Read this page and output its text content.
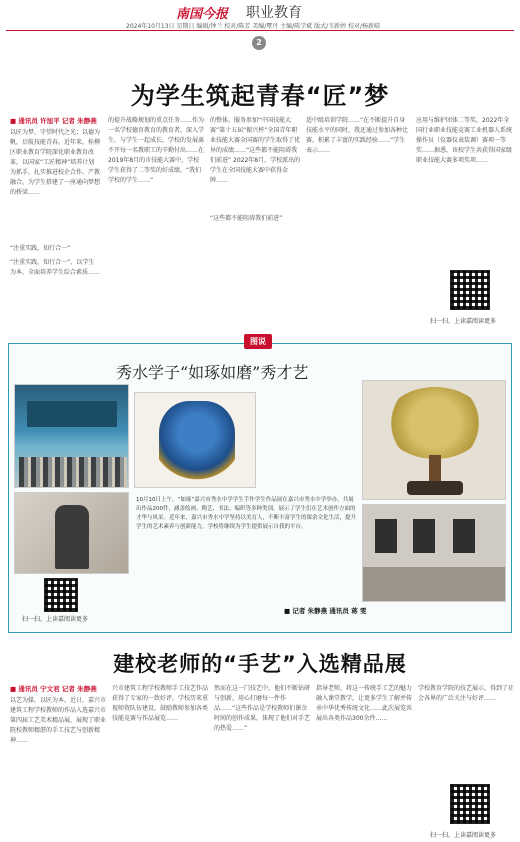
南国今报 职业教育
2024年10月13日 星期日 编辑/钟兰 校对/陈芳 美编/覃丹 主编/陈学斌 版式/韦新婷 校对/杨新晴
2
为学生筑起青春“匠”梦
■ 通讯员 许旭平 记者 朱静燕
以匠为梦，守望时代之光；以德为帆，启航技能青春。近年来，桂柳区职业教育学院深化职业教育改革，以国家“工匠精神”培养计划为抓手，扎实推进校企合作、产教融合，为学生搭建了一座通向梦想的桥梁……
“注重实践，知行合一”
“注重实践，知行合一”，以学生为本，全面培养学生综合素质……
的提升战略规划的重点任务……作为一名学校德育教育的教育者，深入学生，与学生一起成长，学校的发展离不开每一名教职工的辛勤付出……在2019年8月的市技能大赛中，学校学生获得了二等奖的好成绩。“我们学校的学生……”
的整体，服务参加“中国技能大赛”第十五届“振兴杯”全国青年职业技能大赛全国赛的学生取得了优异的成绩……“这些都不能阻碍我们前进” 2022年8月，学校派出的学生在全国技能大赛中获得金牌……
“这些都不能阻碍我们前进”
适中级培训学院……“在不断提升自身技能水平的同时，我还通过参加各种比赛，积累了丰富的实践经验……”学生表示……
应用与维护团体二等奖，2022年全国行业职业技能竞赛工业机器人系统操作员（仪器仪表装调）赛项一等奖……据悉，该校学生共获得国家级职业技能大赛多项奖项……
扫一扫，上读嘉阅读更多
图说
秀水学子“如琢如磨”秀才艺
10月10日上午，“如琢”嘉兴市秀水中学学生手作学生作品展在嘉兴市秀水中学举办。共展出作品200件，涵盖绘画、陶艺、书法、编织等多种类别，展示了学生们在艺术创作方面的才华与风采。近年来，嘉兴市秀水中学坚持以美育人，不断丰富学生的课余文化生活，提升学生的艺术素养与创新能力，学校将继续为学生提供展示自我的平台。
扫一扫，上读嘉阅读更多
■ 记者 朱静燕 通讯员 蒋 雯
建校老师的“手艺”入选精品展
■ 通讯员 宁文君 记者 朱静燕
以艺为媒，以匠为本。近日，嘉兴市建筑工程学校教师的作品入选嘉兴市第四届工艺美术精品展，展现了职业院校教师精湛的手工技艺与创新精神……
兴市建筑工程学校教师手工技艺作品获得了专家的一致好评。学校历来重视师资队伍建设，鼓励教师参加各类技能竞赛与作品展览……
然而在这一门技艺中，他们不断钻研与创新，用心打磨每一件作品……“这些作品是学校教师们课余时间的创作成果，体现了他们对手艺的热爱……”
指导老师，将这一传统手工艺的魅力融入课堂教学，让更多学生了解并传承中华优秀传统文化……此次展览共展出各类作品300余件……
学校教育学院的技艺展示，得到了社会各界的广泛关注与好评……
扫一扫，上读嘉阅读更多
